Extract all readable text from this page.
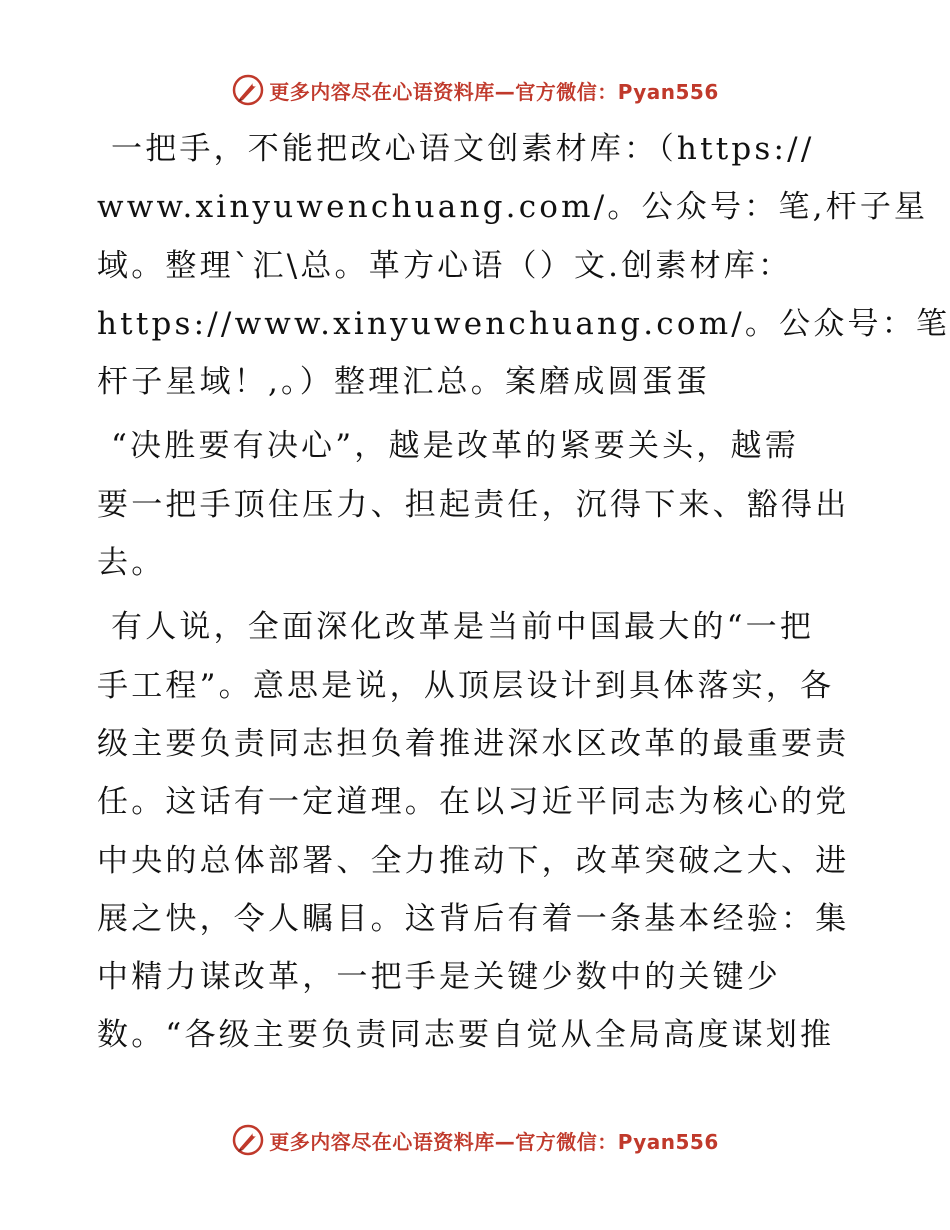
更多内容尽在心语资料库—官方微信：Pyan556

一把手，不能把改心语文创素材库：（https://
www.xinyuwenchuang.com/。公众号：笔,杆子星
域。整理`汇\总。革方心语（）文.创素材库：
https://www.xinyuwenchuang.com/。公众号：笔
杆子星域！,。）整理汇总。案磨成圆蛋蛋

“决胜要有决心”，越是改革的紧要关头，越需
要一把手顶住压力、担起责任，沉得下来、豁得出
去。

有人说，全面深化改革是当前中国最大的“一把
手工程”。意思是说，从顶层设计到具体落实，各
级主要负责同志担负着推进深水区改革的最重要责
任。这话有一定道理。在以习近平同志为核心的党
中央的总体部署、全力推动下，改革突破之大、进
展之快，令人瞩目。这背后有着一条基本经验：集
中精力谋改革，一把手是关键少数中的关键少
数。“各级主要负责同志要自觉从全局高度谋划推

更多内容尽在心语资料库—官方微信：Pyan556
